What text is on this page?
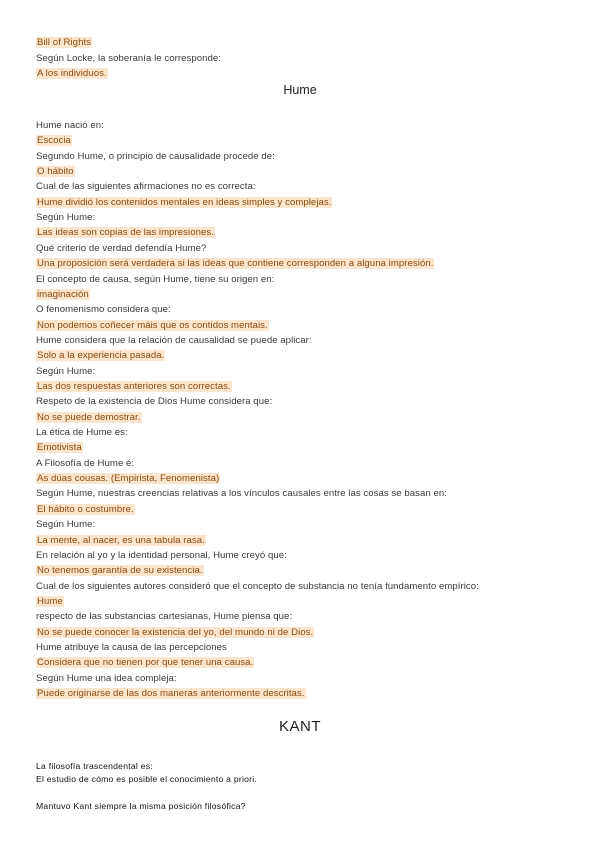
Bill of Rights
Según Locke, la soberanía le corresponde:
A los individuos.
Hume
Hume nació en:
Escocia
Segundo Hume, o principio de causalidade procede de:
O hábito
Cual de las siguientes afirmaciones no es correcta:
Hume dividió los contenidos mentales en ideas simples y complejas.
Según Hume:
Las ideas son copias de las impresiones.
Qué criterio de verdad defendía Hume?
Una proposición será verdadera si las ideas que contiene corresponden a alguna impresión.
El concepto de causa, según Hume, tiene su origen en:
imaginación
O fenomenismo considera que:
Non podemos coñecer máis que os contidos mentais.
Hume considera que la relación de causalidad se puede aplicar:
Solo a la experiencia pasada.
Según Hume:
Las dos respuestas anteriores son correctas.
Respeto de la existencia de Dios Hume considera que:
No se puede demostrar.
La ética de Hume es:
Emotivista
A Filosofía de Hume é:
As dúas cousas. (Empirista, Fenomenista)
Según Hume, nuestras creencias relativas a los vínculos causales entre las cosas se basan en:
El hábito o costumbre.
Según Hume:
La mente, al nacer, es una tabula rasa.
En relación al yo y la identidad personal, Hume creyó que:
No tenemos garantía de su existencia.
Cual de los siguientes autores consideró que el concepto de substancia no tenía fundamento empírico:
Hume
respecto de las substancias cartesianas, Hume piensa que:
No se puede conocer la existencia del yo, del mundo ni de Dios.
Hume atribuye la causa de las percepciones
Considera que no tienen por que tener una causa.
Según Hume una idea compleja:
Puede originarse de las dos maneras anteriormente descritas.
KANT
La filosofía trascendental es:
El estudio de cómo es posible el conocimiento a priori.
Mantuvo Kant siempre la misma posición filosófica?
